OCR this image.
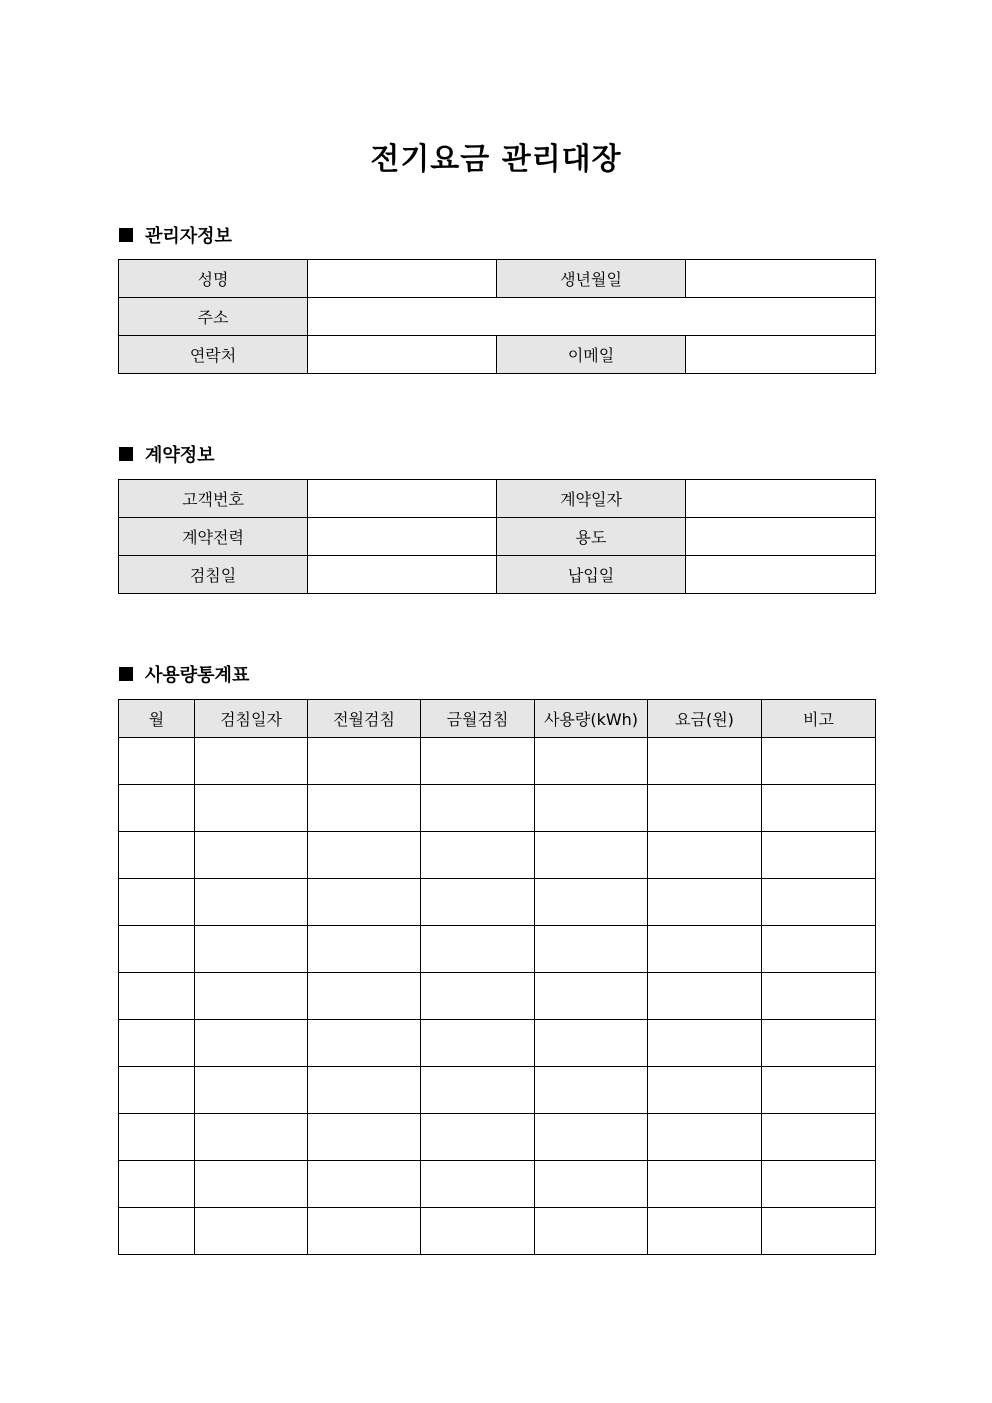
전기요금 관리대장
관리자정보
성명		생년월일	
주소			
연락처		이메일	
계약정보
고객번호		계약일자	
계약전력		용도	
검침일		납입일	
사용량통계표
월	검침일자	전월검침	금월검침	사용량(kWh)	요금(원)	비고
